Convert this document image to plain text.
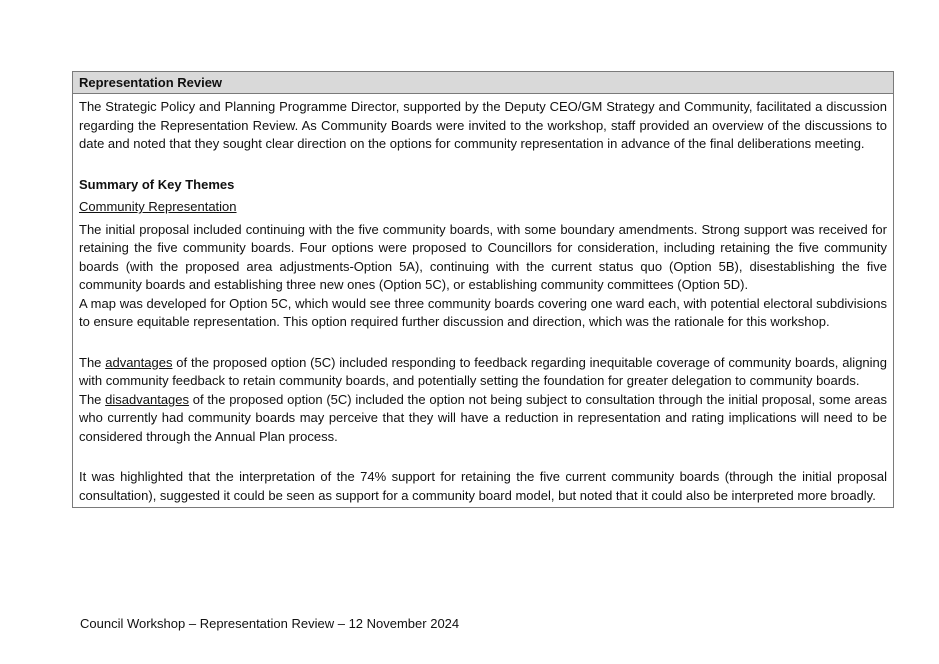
Representation Review

The Strategic Policy and Planning Programme Director, supported by the Deputy CEO/GM Strategy and Community, facilitated a discussion regarding the Representation Review. As Community Boards were invited to the workshop, staff provided an overview of the discussions to date and noted that they sought clear direction on the options for community representation in advance of the final deliberations meeting.

Summary of Key Themes

Community Representation

The initial proposal included continuing with the five community boards, with some boundary amendments. Strong support was received for retaining the five community boards. Four options were proposed to Councillors for consideration, including retaining the five community boards (with the proposed area adjustments-Option 5A), continuing with the current status quo (Option 5B), disestablishing the five community boards and establishing three new ones (Option 5C), or establishing community committees (Option 5D).

A map was developed for Option 5C, which would see three community boards covering one ward each, with potential electoral subdivisions to ensure equitable representation. This option required further discussion and direction, which was the rationale for this workshop.

The advantages of the proposed option (5C) included responding to feedback regarding inequitable coverage of community boards, aligning with community feedback to retain community boards, and potentially setting the foundation for greater delegation to community boards.

The disadvantages of the proposed option (5C) included the option not being subject to consultation through the initial proposal, some areas who currently had community boards may perceive that they will have a reduction in representation and rating implications will need to be considered through the Annual Plan process.

It was highlighted that the interpretation of the 74% support for retaining the five current community boards (through the initial proposal consultation), suggested it could be seen as support for a community board model, but noted that it could also be interpreted more broadly.

Council Workshop – Representation Review – 12 November 2024
